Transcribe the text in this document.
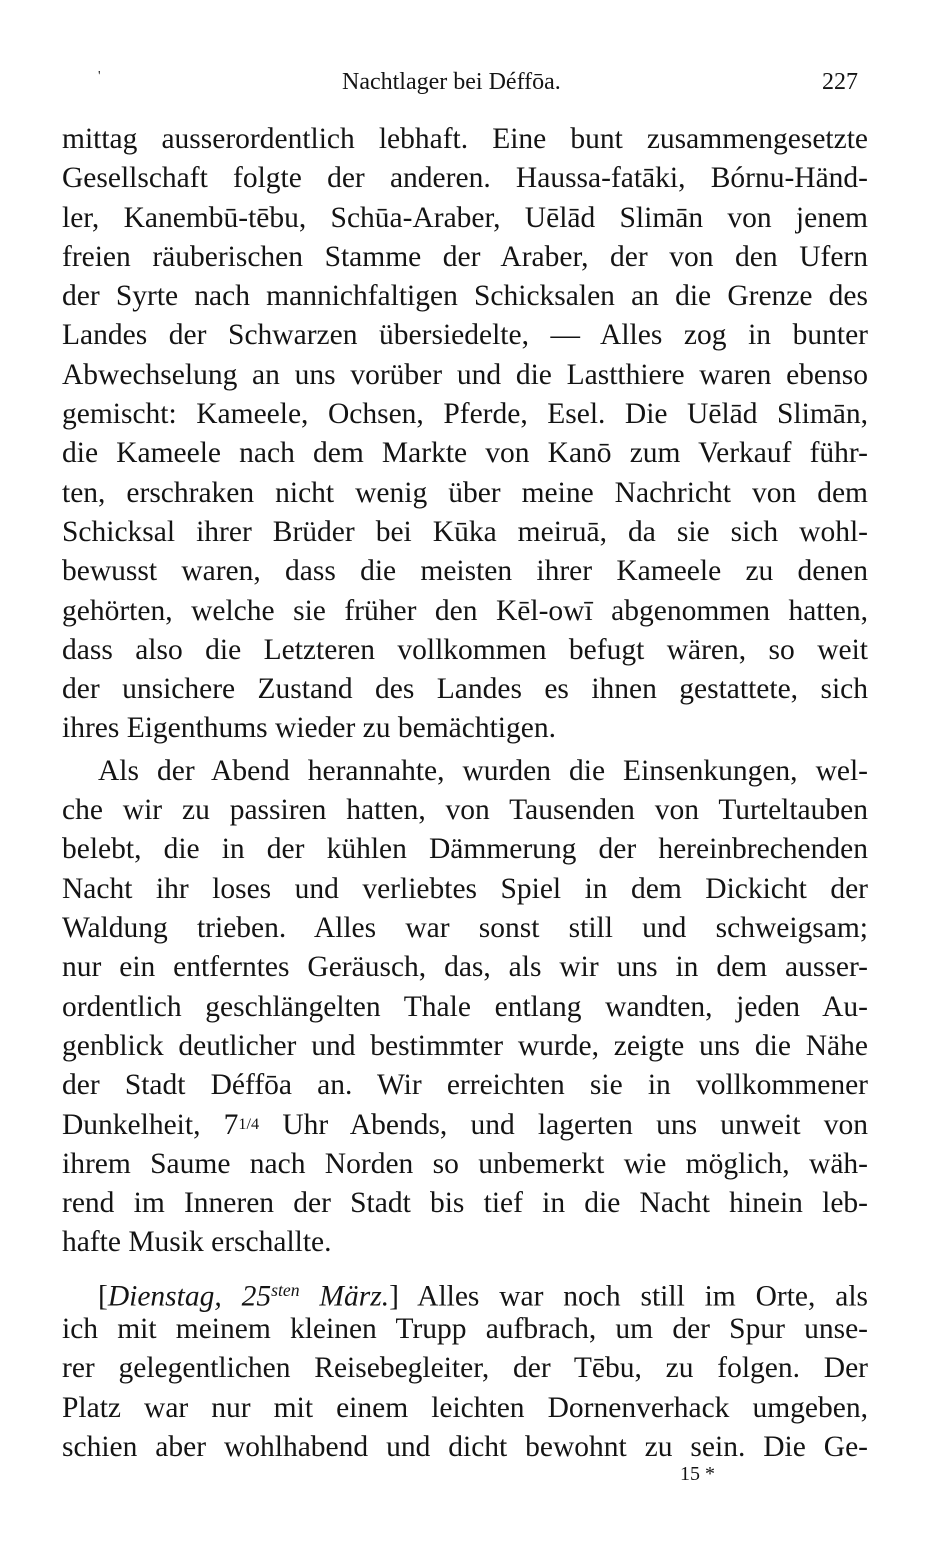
'	Nachtlager bei Déffōa.	227
mittag ausserordentlich lebhaft. Eine bunt zusammengesetzte
Gesellschaft folgte der anderen. Haussa-fatāki, Bórnu-Händ-
ler, Kanembū-tēbu, Schūa-Araber, Uēlād Slimān von jenem
freien räuberischen Stamme der Araber, der von den Ufern
der Syrte nach mannichfaltigen Schicksalen an die Grenze des
Landes der Schwarzen übersiedelte, — Alles zog in bunter
Abwechselung an uns vorüber und die Lastthiere waren ebenso
gemischt: Kameele, Ochsen, Pferde, Esel. Die Uēlād Slimān,
die Kameele nach dem Markte von Kanō zum Verkauf führ-
ten, erschraken nicht wenig über meine Nachricht von dem
Schicksal ihrer Brüder bei Kūka meiruā, da sie sich wohl-
bewusst waren, dass die meisten ihrer Kameele zu denen
gehörten, welche sie früher den Kēl-owī abgenommen hatten,
dass also die Letzteren vollkommen befugt wären, so weit
der unsichere Zustand des Landes es ihnen gestattete, sich
ihres Eigenthums wieder zu bemächtigen.
Als der Abend herannahte, wurden die Einsenkungen, wel-
che wir zu passiren hatten, von Tausenden von Turteltauben
belebt, die in der kühlen Dämmerung der hereinbrechenden
Nacht ihr loses und verliebtes Spiel in dem Dickicht der
Waldung trieben. Alles war sonst still und schweigsam;
nur ein entferntes Geräusch, das, als wir uns in dem ausser-
ordentlich geschlängelten Thale entlang wandten, jeden Au-
genblick deutlicher und bestimmter wurde, zeigte uns die Nähe
der Stadt Déffōa an. Wir erreichten sie in vollkommener
Dunkelheit, 71/4 Uhr Abends, und lagerten uns unweit von
ihrem Saume nach Norden so unbemerkt wie möglich, wäh-
rend im Inneren der Stadt bis tief in die Nacht hinein leb-
hafte Musik erschallte.
[Dienstag, $25^{sten}$ März.] Alles war noch still im Orte, als
ich mit meinem kleinen Trupp aufbrach, um der Spur unse-
rer gelegentlichen Reisebegleiter, der Tēbu, zu folgen. Der
Platz war nur mit einem leichten Dornenverhack umgeben,
schien aber wohlhabend und dicht bewohnt zu sein. Die Ge-
15 *
